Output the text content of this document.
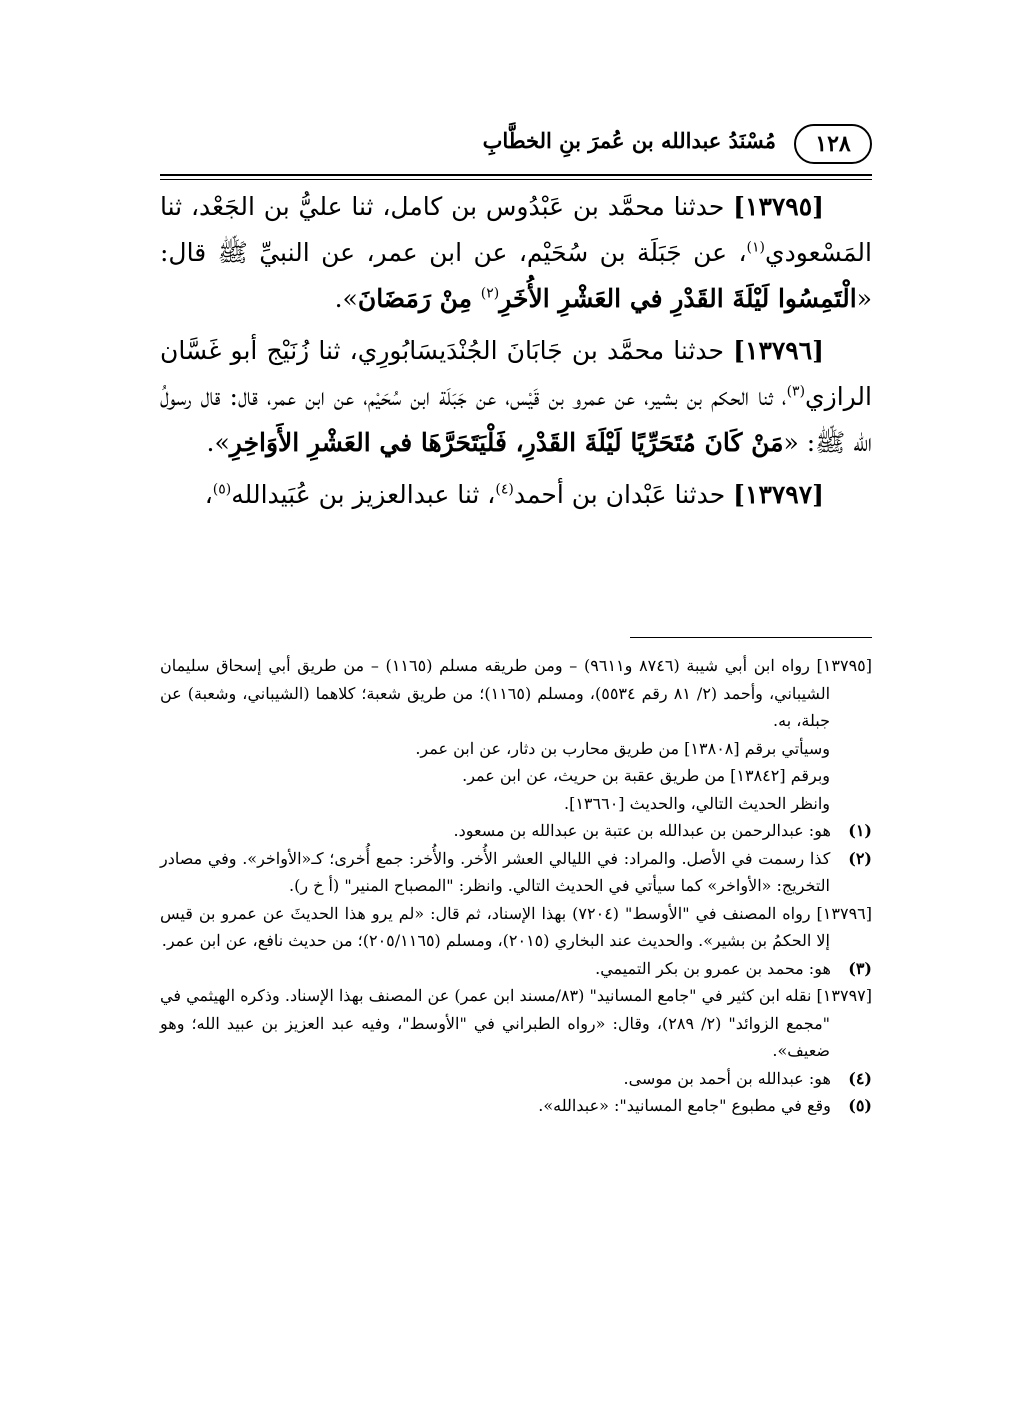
١٢٨
مُسْنَدُ عبدالله بن عُمرَ بنِ الخطَّابِ

[١٣٧٩٥] حدثنا محمَّد بن عَبْدُوس بن كامل، ثنا عليُّ بن الجَعْد، ثنا المَسْعودي$^{(١)}$، عن جَبَلَة بن سُحَيْم، عن ابن عمر، عن النبيِّ ﷺ قال: «الْتَمِسُوا لَيْلَةَ القَدْرِ في العَشْرِ الأُخَرِ$^{(٢)}$ مِنْ رَمَضَانَ».

[١٣٧٩٦] حدثنا محمَّد بن جَابَانَ الجُنْدَيسَابُورِي، ثنا زُنَيْج أبو غَسَّان الرازي$^{(٣)}$، ثنا الحكم بن بشير، عن عمرو بن قَيْس، عن جَبَلَة ابن سُحَيْم، عن ابن عمر، قال: قال رسولُ الله ﷺ: «مَنْ كَانَ مُتَحَرِّيًا لَيْلَةَ القَدْرِ، فَلْيَتَحَرَّهَا في العَشْرِ الأَوَاخِرِ».

[١٣٧٩٧] حدثنا عَبْدان بن أحمد$^{(٤)}$، ثنا عبدالعزيز بن عُبَيدالله$^{(٥)}$،

[١٣٧٩٥] رواه ابن أبي شيبة (٨٧٤٦ و٩٦١١) – ومن طريقه مسلم (١١٦٥) – من طريق أبي إسحاق سليمان الشيباني، وأحمد (٢/ ٨١ رقم ٥٥٣٤)، ومسلم (١١٦٥)؛ من طريق شعبة؛ كلاهما (الشيباني، وشعبة) عن جبلة، به.

وسيأتي برقم [١٣٨٠٨] من طريق محارب بن دثار، عن ابن عمر.

وبرقم [١٣٨٤٢] من طريق عقبة بن حريث، عن ابن عمر.

وانظر الحديث التالي، والحديث [١٣٦٦٠].

(١) هو: عبدالرحمن بن عبدالله بن عتبة بن عبدالله بن مسعود.

(٢) كذا رسمت في الأصل. والمراد: في الليالي العشر الأُخر. والأُخر: جمع أُخرى؛ كـ«الأواخر». وفي مصادر التخريج: «الأواخر» كما سيأتي في الحديث التالي. وانظر: "المصباح المنير" (أ خ ر).

[١٣٧٩٦] رواه المصنف في "الأوسط" (٧٢٠٤) بهذا الإسناد، ثم قال: «لم يرو هذا الحديثَ عن عمرو بن قيس إلا الحكمُ بن بشير». والحديث عند البخاري (٢٠١٥)، ومسلم (٢٠٥/١١٦٥)؛ من حديث نافع، عن ابن عمر.

(٣) هو: محمد بن عمرو بن بكر التميمي.

[١٣٧٩٧] نقله ابن كثير في "جامع المسانيد" (٨٣/مسند ابن عمر) عن المصنف بهذا الإسناد. وذكره الهيثمي في "مجمع الزوائد" (٢/ ٢٨٩)، وقال: «رواه الطبراني في "الأوسط"، وفيه عبد العزيز بن عبيد الله؛ وهو ضعيف».

(٤) هو: عبدالله بن أحمد بن موسى.

(٥) وقع في مطبوع "جامع المسانيد": «عبدالله».
